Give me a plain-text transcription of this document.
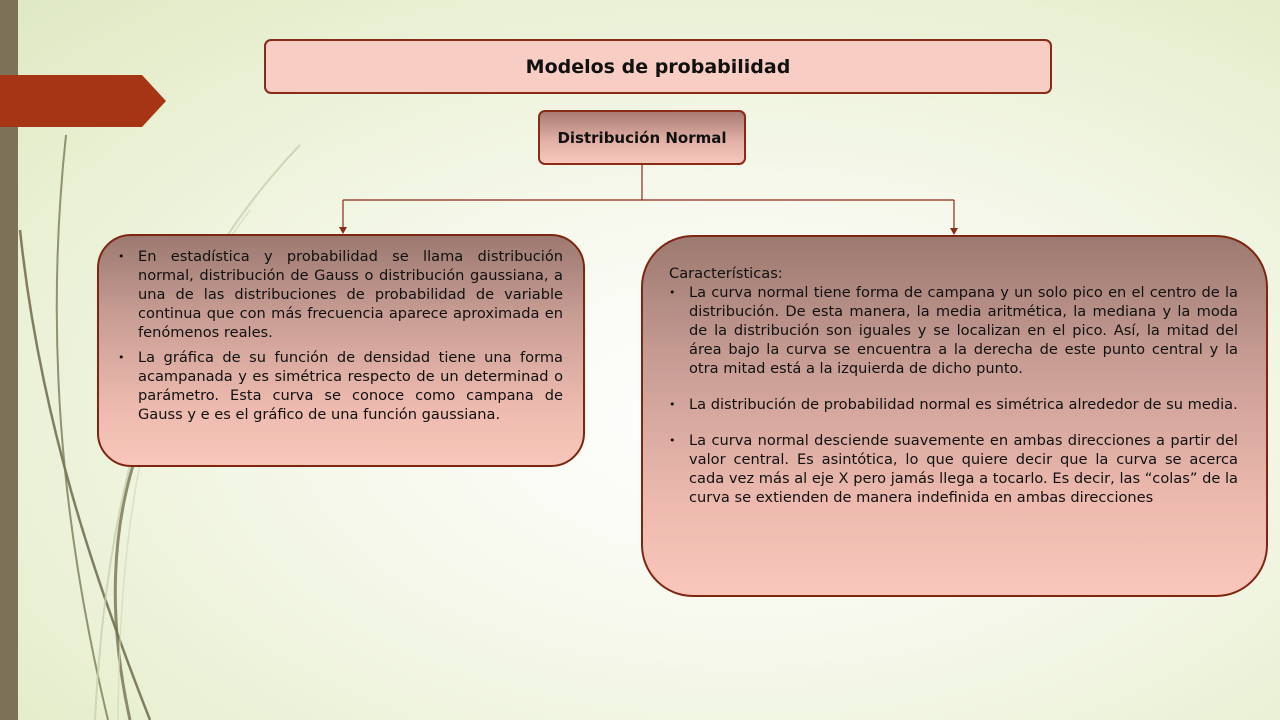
Modelos de probabilidad
Distribución Normal
• En estadística y probabilidad se llama distribución normal, distribución de Gauss o distribución gaussiana, a una de las distribuciones de probabilidad de variable continua que con más frecuencia aparece aproximada en fenómenos reales.
• La gráfica de su función de densidad tiene una forma acampanada y es simétrica respecto de un determinad o parámetro. Esta curva se conoce como campana de Gauss y e es el gráfico de una función gaussiana.
Características:
• La curva normal tiene forma de campana y un solo pico en el centro de la distribución. De esta manera, la media aritmética, la mediana y la moda de la distribución son iguales y se localizan en el pico. Así, la mitad del área bajo la curva se encuentra a la derecha de este punto central y la otra mitad está a la izquierda de dicho punto.
• La distribución de probabilidad normal es simétrica alrededor de su media.
• La curva normal desciende suavemente en ambas direcciones a partir del valor central. Es asintótica, lo que quiere decir que la curva se acerca cada vez más al eje X pero jamás llega a tocarlo. Es decir, las “colas” de la curva se extienden de manera indefinida en ambas direcciones
